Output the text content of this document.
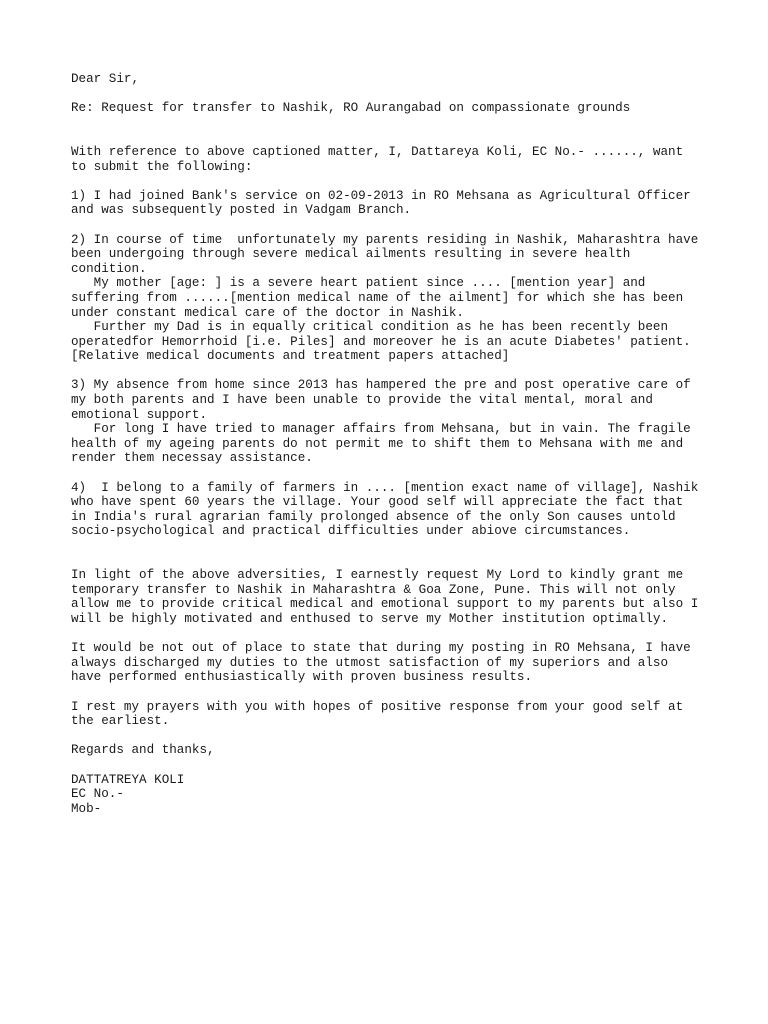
Dear Sir,
Re: Request for transfer to Nashik, RO Aurangabad on compassionate grounds
With reference to above captioned matter, I, Dattareya Koli, EC No.- ......, want
to submit the following:
1) I had joined Bank's service on 02-09-2013 in RO Mehsana as Agricultural Officer
and was subsequently posted in Vadgam Branch.
2) In course of time  unfortunately my parents residing in Nashik, Maharashtra have
been undergoing through severe medical ailments resulting in severe health
condition.
My mother [age: ] is a severe heart patient since .... [mention year] and
suffering from ......[mention medical name of the ailment] for which she has been
under constant medical care of the doctor in Nashik.
Further my Dad is in equally critical condition as he has been recently been
operatedfor Hemorrhoid [i.e. Piles] and moreover he is an acute Diabetes' patient.
[Relative medical documents and treatment papers attached]
3) My absence from home since 2013 has hampered the pre and post operative care of
my both parents and I have been unable to provide the vital mental, moral and
emotional support.
For long I have tried to manager affairs from Mehsana, but in vain. The fragile
health of my ageing parents do not permit me to shift them to Mehsana with me and
render them necessay assistance.
4)  I belong to a family of farmers in .... [mention exact name of village], Nashik
who have spent 60 years the village. Your good self will appreciate the fact that
in India's rural agrarian family prolonged absence of the only Son causes untold
socio-psychological and practical difficulties under abiove circumstances.
In light of the above adversities, I earnestly request My Lord to kindly grant me
temporary transfer to Nashik in Maharashtra & Goa Zone, Pune. This will not only
allow me to provide critical medical and emotional support to my parents but also I
will be highly motivated and enthused to serve my Mother institution optimally.
It would be not out of place to state that during my posting in RO Mehsana, I have
always discharged my duties to the utmost satisfaction of my superiors and also
have performed enthusiastically with proven business results.
I rest my prayers with you with hopes of positive response from your good self at
the earliest.
Regards and thanks,
DATTATREYA KOLI
EC No.-
Mob-
